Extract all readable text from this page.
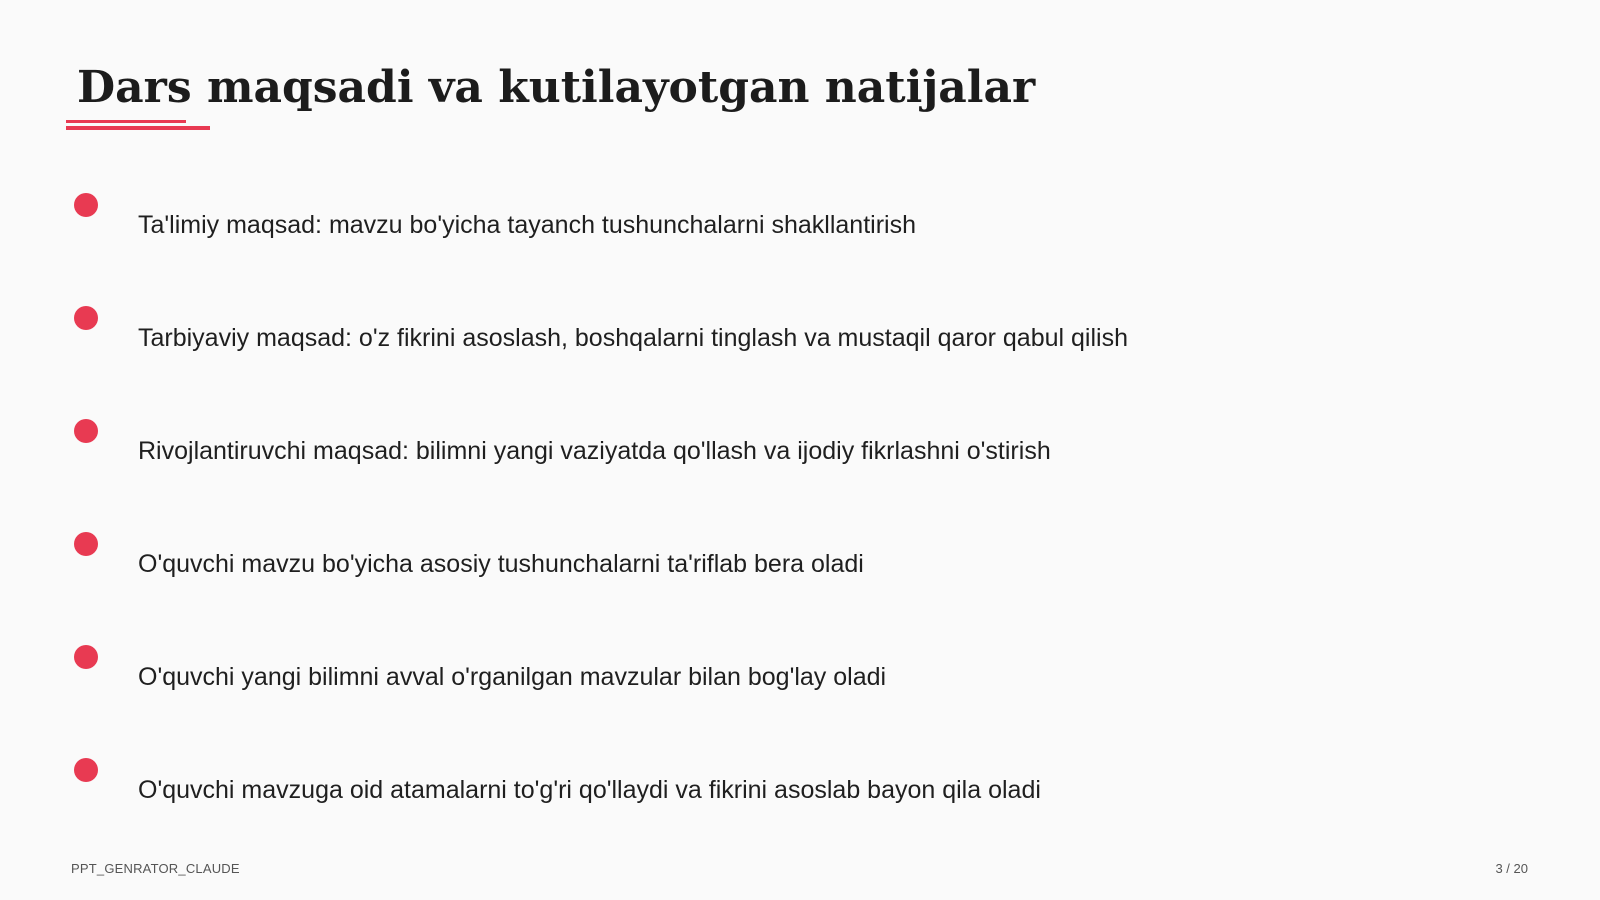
Dars maqsadi va kutilayotgan natijalar
Ta'limiy maqsad: mavzu bo'yicha tayanch tushunchalarni shakllantirish
Tarbiyaviy maqsad: o'z fikrini asoslash, boshqalarni tinglash va mustaqil qaror qabul qilish
Rivojlantiruvchi maqsad: bilimni yangi vaziyatda qo'llash va ijodiy fikrlashni o'stirish
O'quvchi mavzu bo'yicha asosiy tushunchalarni ta'riflab bera oladi
O'quvchi yangi bilimni avval o'rganilgan mavzular bilan bog'lay oladi
O'quvchi mavzuga oid atamalarni to'g'ri qo'llaydi va fikrini asoslab bayon qila oladi
PPT_GENRATOR_CLAUDE	3 / 20
